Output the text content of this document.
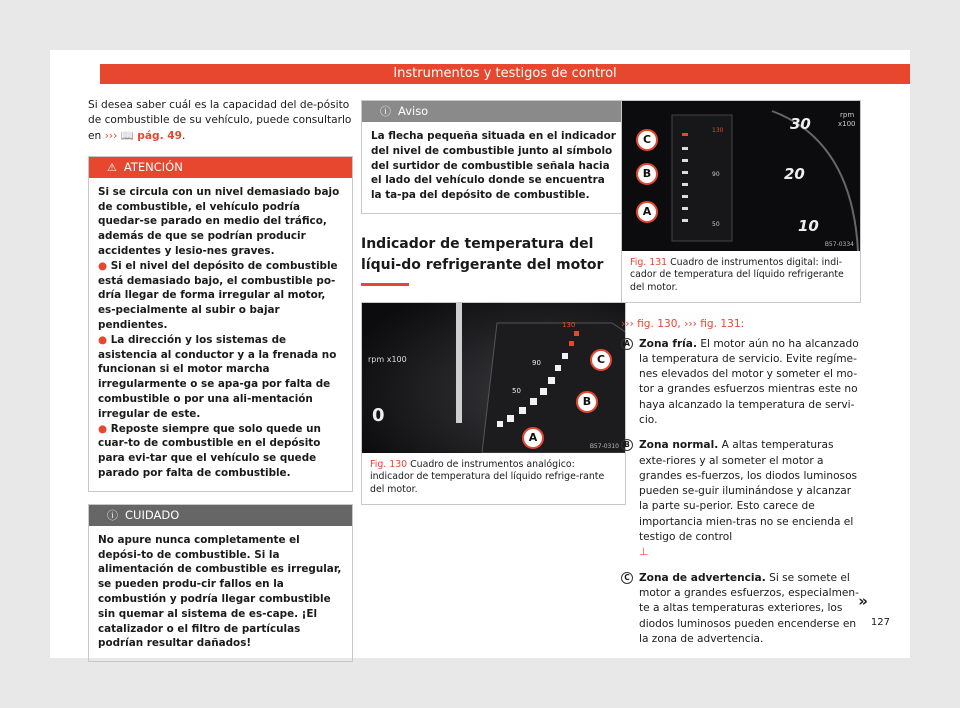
Instrumentos y testigos de control

Si desea saber cuál es la capacidad del de-pósito de combustible de su vehículo, puede consultarlo en ››› 📖 pág. 49.

⚠ ATENCIÓN
Si se circula con un nivel demasiado bajo de combustible, el vehículo podría quedar-se parado en medio del tráfico, además de que se podrían producir accidentes y lesio-nes graves.
● Si el nivel del depósito de combustible está demasiado bajo, el combustible po-dría llegar de forma irregular al motor, es-pecialmente al subir o bajar pendientes.
● La dirección y los sistemas de asistencia al conductor y a la frenada no funcionan si el motor marcha irregularmente o se apa-ga por falta de combustible o por una ali-mentación irregular de este.
● Reposte siempre que solo quede un cuar-to de combustible en el depósito para evi-tar que el vehículo se quede parado por falta de combustible.
ⓘ CUIDADO
No apure nunca completamente el depósi-to de combustible. Si la alimentación de combustible es irregular, se pueden produ-cir fallos en la combustión y podría llegar combustible sin quemar al sistema de es-cape. ¡El catalizador o el filtro de partículas podrían resultar dañados!
ⓘ Aviso
La flecha pequeña situada en el indicador del nivel de combustible junto al símbolo del surtidor de combustible señala hacia el lado del vehículo donde se encuentra la ta-pa del depósito de combustible.
Indicador de temperatura del líqui-do refrigerante del motor
rpm x100
0
50
90
130
C
B
A
B57-0310
Fig. 130 Cuadro de instrumentos analógico: indicador de temperatura del líquido refrige-rante del motor.
130
90
50
30
20
10
rpm
x100
C
B
A
B57-0334
Fig. 131 Cuadro de instrumentos digital: indi-cador de temperatura del líquido refrigerante del motor.

››› fig. 130, ››› fig. 131:

A Zona fría. El motor aún no ha alcanzado la temperatura de servicio. Evite regíme-nes elevados del motor y someter el mo-tor a grandes esfuerzos mientras este no haya alcanzado la temperatura de servi-cio.
B Zona normal. A altas temperaturas exte-riores y al someter el motor a grandes es-fuerzos, los diodos luminosos pueden se-guir iluminándose y alcanzar la parte su-perior. Esto carece de importancia mien-tras no se encienda el testigo de control
⊥
C Zona de advertencia. Si se somete el motor a grandes esfuerzos, especialmen-te a altas temperaturas exteriores, los diodos luminosos pueden encenderse en la zona de advertencia.
»
127
